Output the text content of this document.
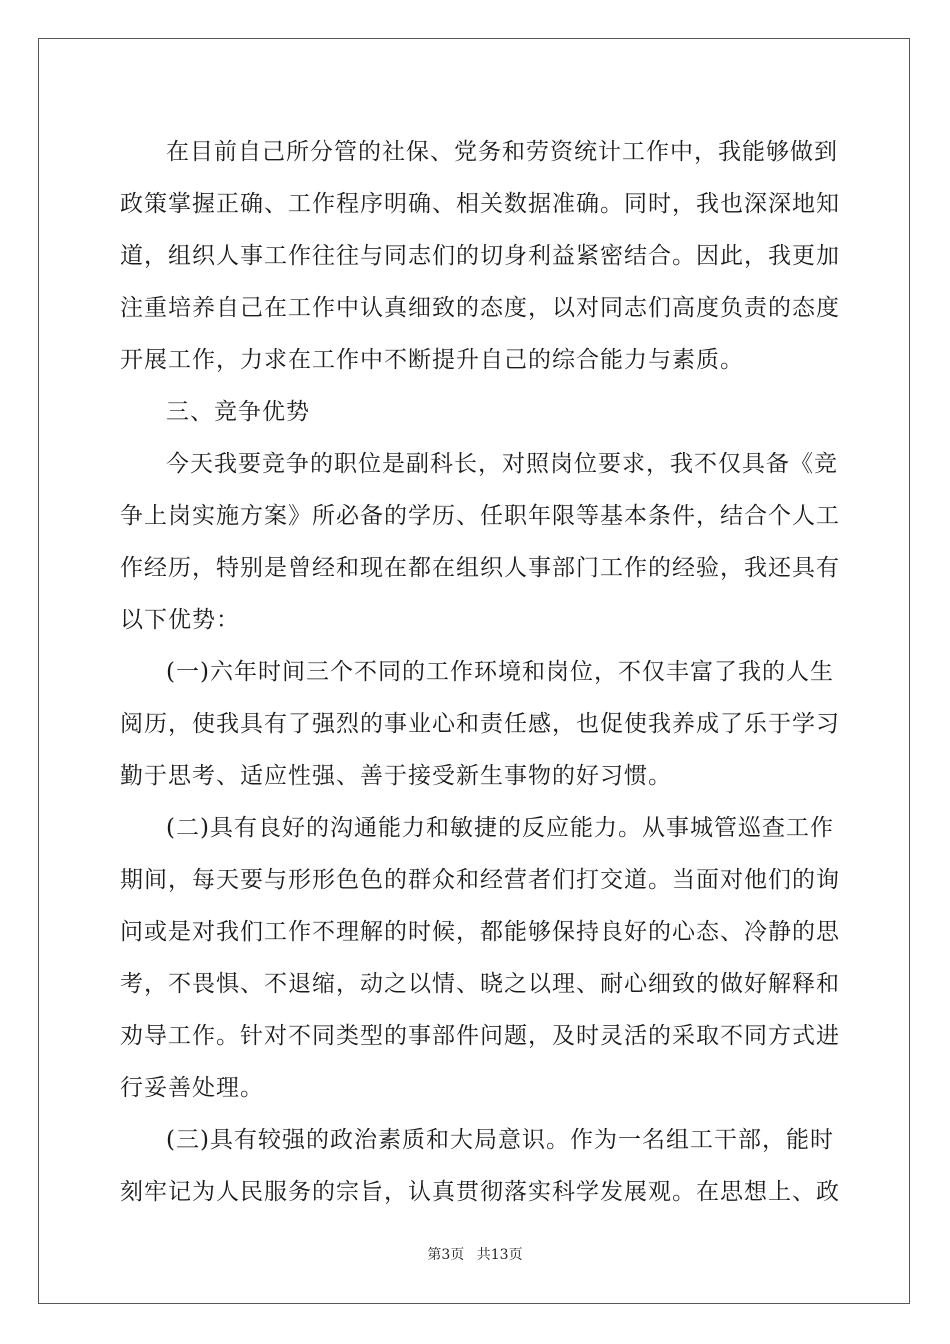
在目前自己所分管的社保、党务和劳资统计工作中，我能够做到
政策掌握正确、工作程序明确、相关数据准确。同时，我也深深地知
道，组织人事工作往往与同志们的切身利益紧密结合。因此，我更加
注重培养自己在工作中认真细致的态度，以对同志们高度负责的态度
开展工作，力求在工作中不断提升自己的综合能力与素质。
三、竞争优势
今天我要竞争的职位是副科长，对照岗位要求，我不仅具备《竞
争上岗实施方案》所必备的学历、任职年限等基本条件，结合个人工
作经历，特别是曾经和现在都在组织人事部门工作的经验，我还具有
以下优势：
(一)六年时间三个不同的工作环境和岗位，不仅丰富了我的人生
阅历，使我具有了强烈的事业心和责任感，也促使我养成了乐于学习
勤于思考、适应性强、善于接受新生事物的好习惯。
(二)具有良好的沟通能力和敏捷的反应能力。从事城管巡查工作
期间，每天要与形形色色的群众和经营者们打交道。当面对他们的询
问或是对我们工作不理解的时候，都能够保持良好的心态、冷静的思
考，不畏惧、不退缩，动之以情、晓之以理、耐心细致的做好解释和
劝导工作。针对不同类型的事部件问题，及时灵活的采取不同方式进
行妥善处理。
(三)具有较强的政治素质和大局意识。作为一名组工干部，能时
刻牢记为人民服务的宗旨，认真贯彻落实科学发展观。在思想上、政
第3页 共13页
